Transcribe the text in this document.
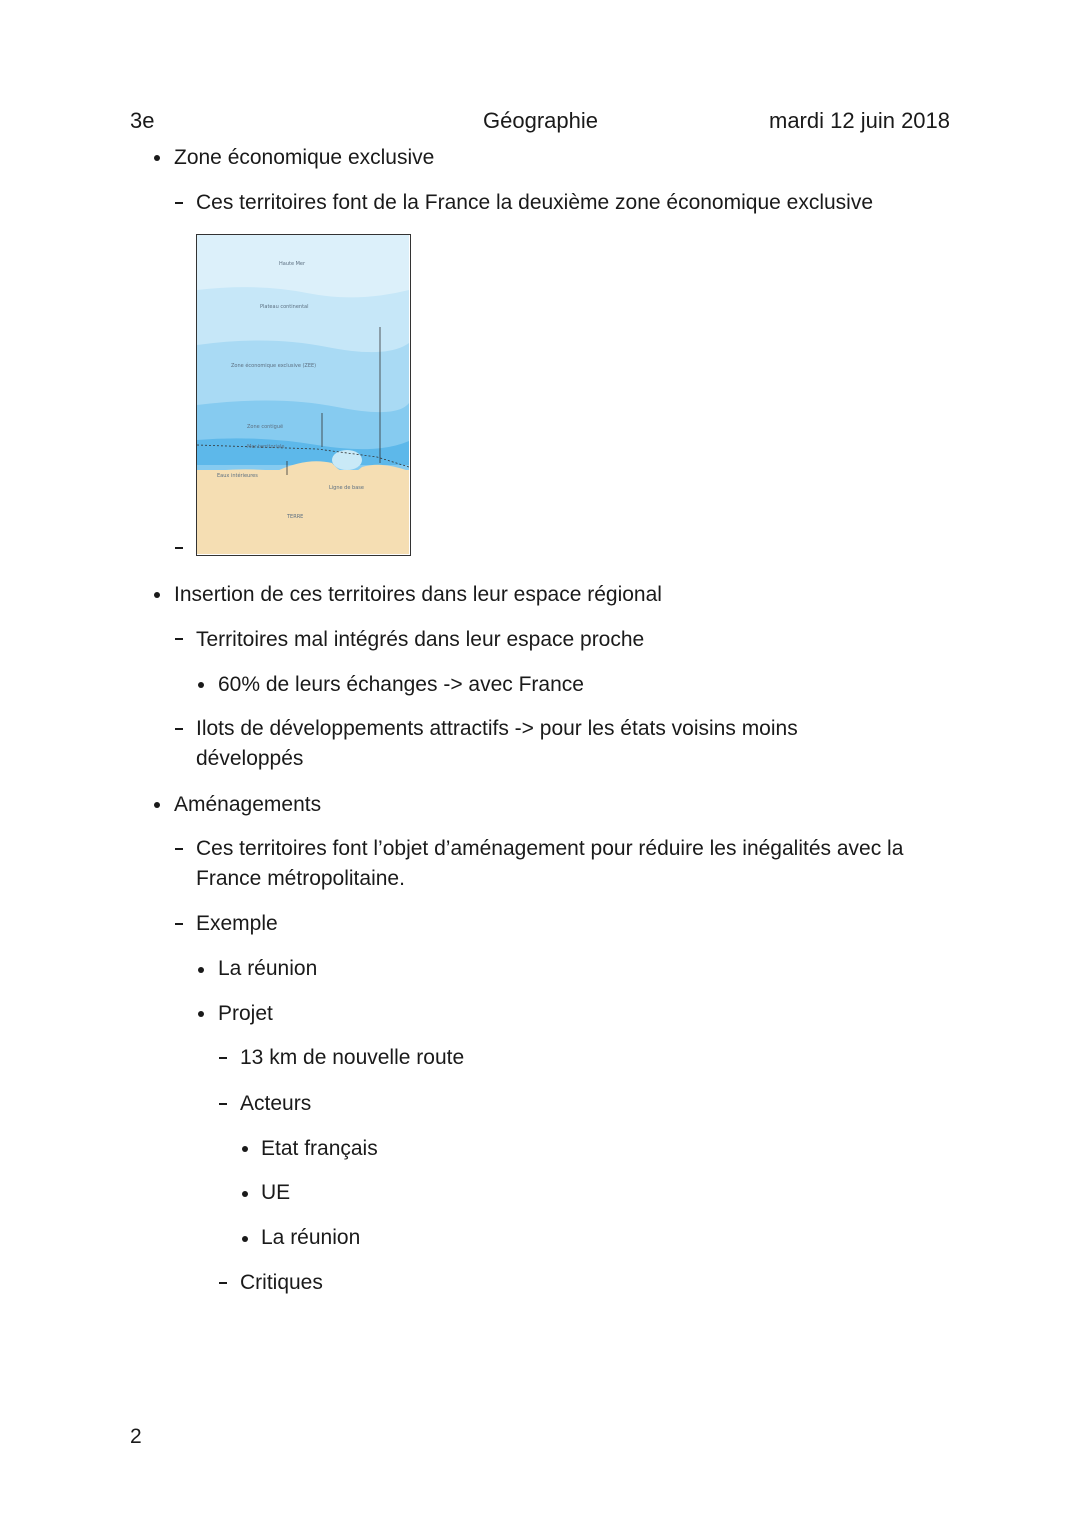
3e	Géographie	mardi 12 juin 2018
Zone économique exclusive
Ces territoires font de la France la deuxième zone économique exclusive
Haute Mer
Plateau continental
Zone économique exclusive (ZEE)
Zone contiguë
Mer territoriale
Eaux intérieures
Ligne de base
TERRE
Insertion de ces territoires dans leur espace régional
Territoires mal intégrés dans leur espace proche
60% de leurs échanges -> avec France
Ilots de développements attractifs -> pour les états voisins moins
développés
Aménagements
Ces territoires font l’objet d’aménagement pour réduire les inégalités avec la
France métropolitaine.
Exemple
La réunion
Projet
13 km de nouvelle route
Acteurs
Etat français
UE
La réunion
Critiques
2
